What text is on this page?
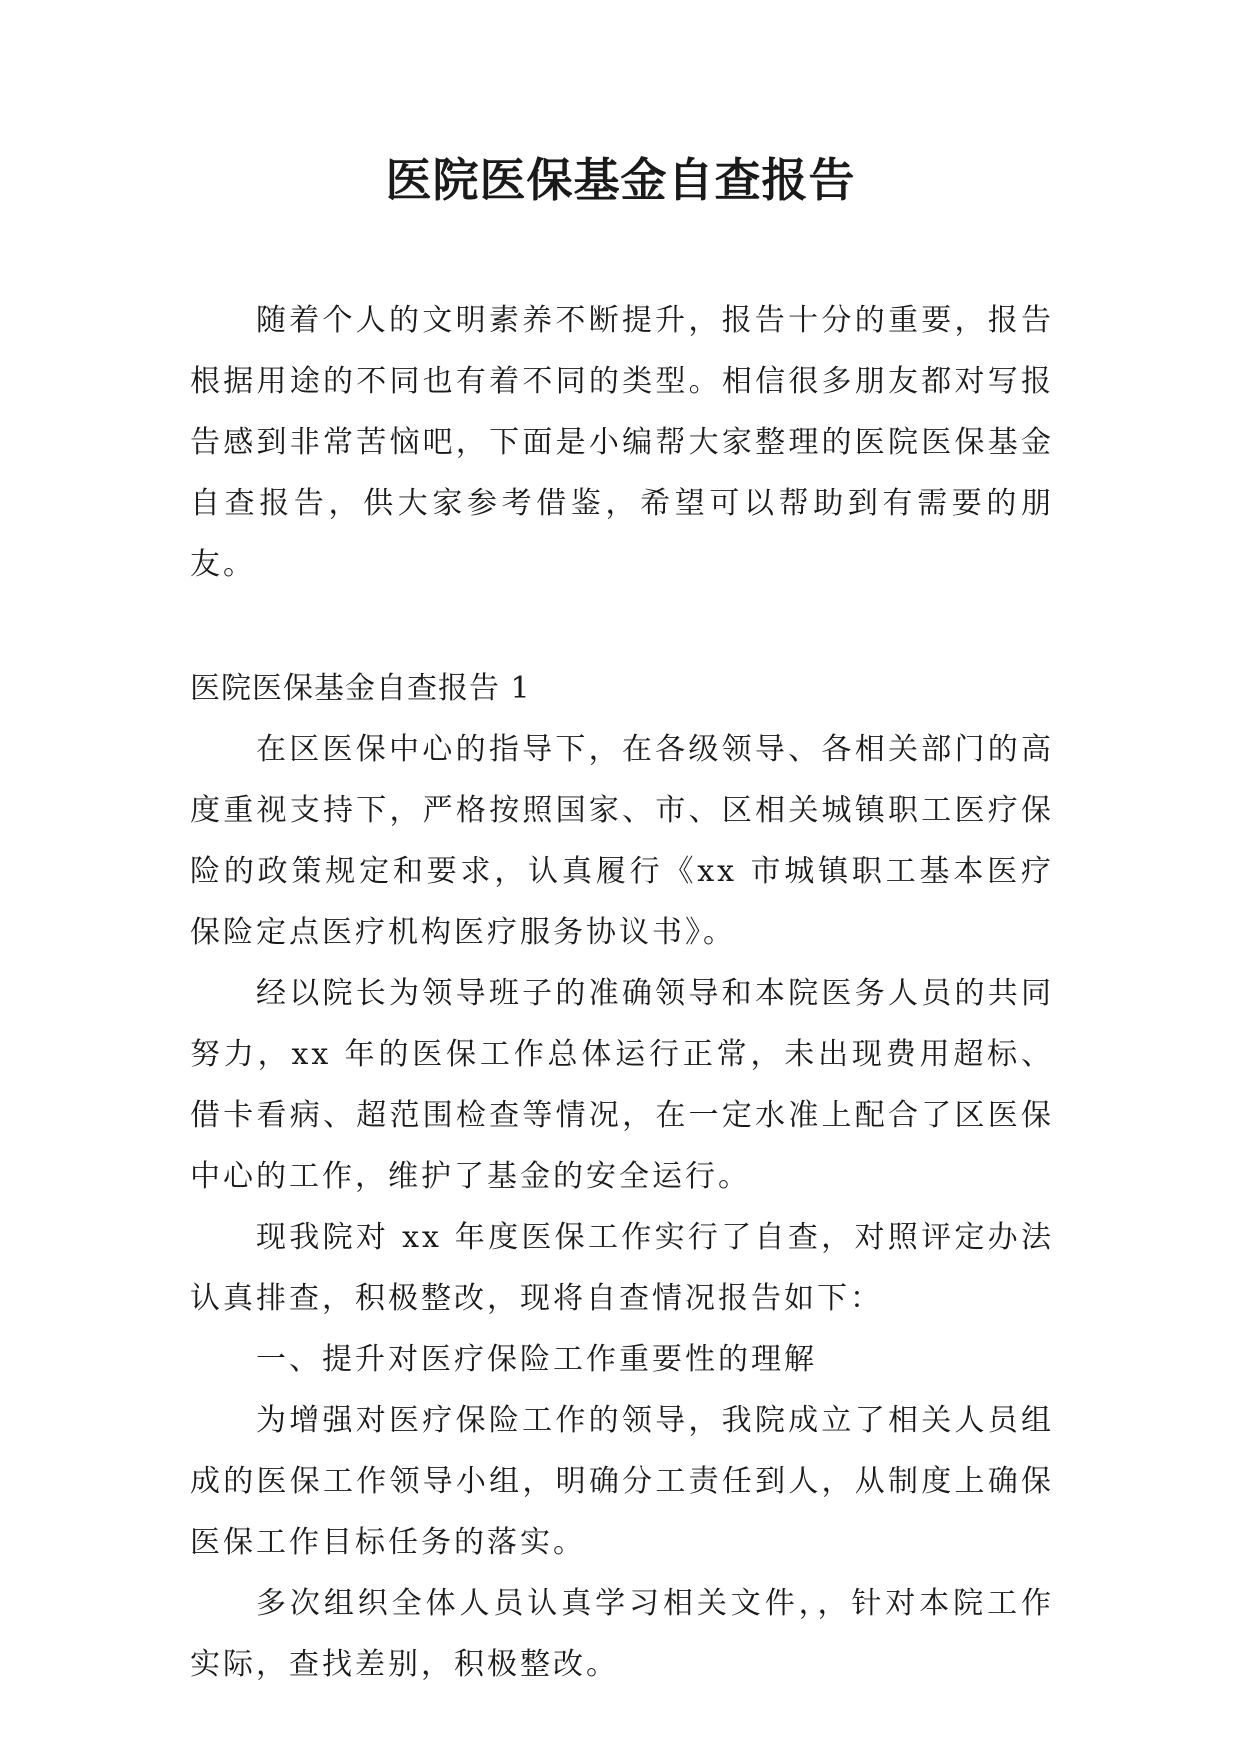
医院医保基金自查报告

随着个人的文明素养不断提升，报告十分的重要，报告根据用途的不同也有着不同的类型。相信很多朋友都对写报告感到非常苦恼吧，下面是小编帮大家整理的医院医保基金自查报告，供大家参考借鉴，希望可以帮助到有需要的朋友。

医院医保基金自查报告 1

在区医保中心的指导下，在各级领导、各相关部门的高度重视支持下，严格按照国家、市、区相关城镇职工医疗保险的政策规定和要求，认真履行《xx 市城镇职工基本医疗保险定点医疗机构医疗服务协议书》。

经以院长为领导班子的准确领导和本院医务人员的共同努力，xx 年的医保工作总体运行正常，未出现费用超标、借卡看病、超范围检查等情况，在一定水准上配合了区医保中心的工作，维护了基金的安全运行。

现我院对 xx 年度医保工作实行了自查，对照评定办法认真排查，积极整改，现将自查情况报告如下：

一、提升对医疗保险工作重要性的理解

为增强对医疗保险工作的领导，我院成立了相关人员组成的医保工作领导小组，明确分工责任到人，从制度上确保医保工作目标任务的落实。

多次组织全体人员认真学习相关文件，，针对本院工作实际，查找差别，积极整改。
